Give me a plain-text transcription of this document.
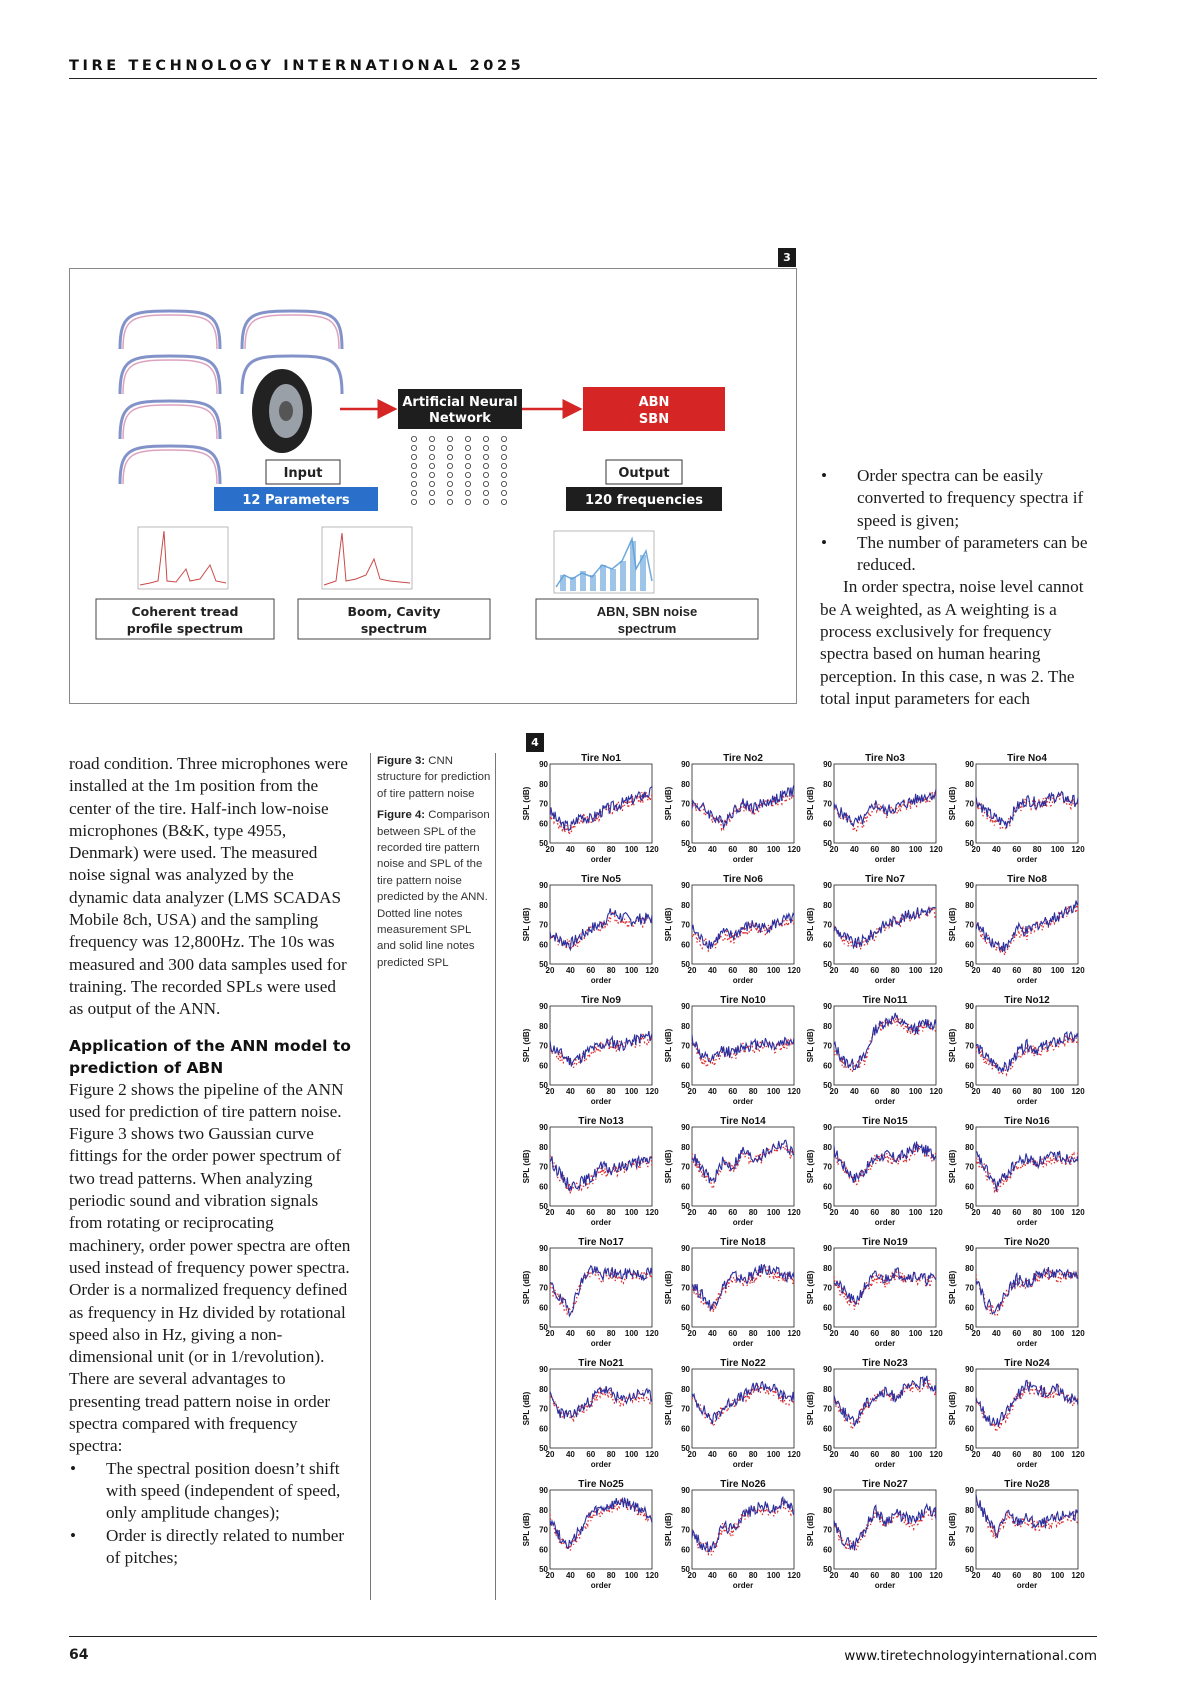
TIRE TECHNOLOGY INTERNATIONAL 2025
3
Input
12 Parameters
Artificial Neural
Network
ABN
SBN
Output
120 frequencies
Coherent tread
profile spectrum
Boom, Cavity
spectrum
ABN, SBN noise
spectrum
• Order spectra can be easily converted to frequency spectra if speed is given;
• The number of parameters can be reduced.

In order spectra, noise level cannot be A weighted, as A weighting is a process exclusively for frequency spectra based on human hearing perception. In this case, n was 2. The total input parameters for each

road condition. Three microphones were installed at the 1m position from the center of the tire. Half-inch low-noise microphones (B&K, type 4955, Denmark) were used. The measured noise signal was analyzed by the dynamic data analyzer (LMS SCADAS Mobile 8ch, USA) and the sampling frequency was 12,800Hz. The 10s was measured and 300 data samples used for training. The recorded SPLs were used as output of the ANN.

Application of the ANN model to prediction of ABN

Figure 2 shows the pipeline of the ANN used for prediction of tire pattern noise. Figure 3 shows two Gaussian curve fittings for the order power spectrum of two tread patterns. When analyzing periodic sound and vibration signals from rotating or reciprocating machinery, order power spectra are often used instead of frequency power spectra. Order is a normalized frequency defined as frequency in Hz divided by rotational speed also in Hz, giving a non-dimensional unit (or in 1/revolution). There are several advantages to presenting tread pattern noise in order spectra compared with frequency spectra:

• The spectral position doesn’t shift with speed (independent of speed, only amplitude changes);
• Order is directly related to number of pitches;

Figure 3: CNN structure for prediction of tire pattern noise

Figure 4: Comparison between SPL of the recorded tire pattern noise and SPL of the tire pattern noise predicted by the ANN. Dotted line notes measurement SPL and solid line notes predicted SPL

4
Tire No1
50
60
70
80
90
20 40 60 80 100 120
order
SPL (dB)
Tire No2
50
60
70
80
90
20 40 60 80 100 120
order
SPL (dB)
Tire No3
50
60
70
80
90
20 40 60 80 100 120
order
SPL (dB)
Tire No4
50
60
70
80
90
20 40 60 80 100 120
order
SPL (dB)
Tire No5
50
60
70
80
90
20 40 60 80 100 120
order
SPL (dB)
Tire No6
50
60
70
80
90
20 40 60 80 100 120
order
SPL (dB)
Tire No7
50
60
70
80
90
20 40 60 80 100 120
order
SPL (dB)
Tire No8
50
60
70
80
90
20 40 60 80 100 120
order
SPL (dB)
Tire No9
50
60
70
80
90
20 40 60 80 100 120
order
SPL (dB)
Tire No10
50
60
70
80
90
20 40 60 80 100 120
order
SPL (dB)
Tire No11
50
60
70
80
90
20 40 60 80 100 120
order
SPL (dB)
Tire No12
50
60
70
80
90
20 40 60 80 100 120
order
SPL (dB)
Tire No13
50
60
70
80
90
20 40 60 80 100 120
order
SPL (dB)
Tire No14
50
60
70
80
90
20 40 60 80 100 120
order
SPL (dB)
Tire No15
50
60
70
80
90
20 40 60 80 100 120
order
SPL (dB)
Tire No16
50
60
70
80
90
20 40 60 80 100 120
order
SPL (dB)
Tire No17
50
60
70
80
90
20 40 60 80 100 120
order
SPL (dB)
Tire No18
50
60
70
80
90
20 40 60 80 100 120
order
SPL (dB)
Tire No19
50
60
70
80
90
20 40 60 80 100 120
order
SPL (dB)
Tire No20
50
60
70
80
90
20 40 60 80 100 120
order
SPL (dB)
Tire No21
50
60
70
80
90
20 40 60 80 100 120
order
SPL (dB)
Tire No22
50
60
70
80
90
20 40 60 80 100 120
order
SPL (dB)
Tire No23
50
60
70
80
90
20 40 60 80 100 120
order
SPL (dB)
Tire No24
50
60
70
80
90
20 40 60 80 100 120
order
SPL (dB)
Tire No25
50
60
70
80
90
20 40 60 80 100 120
order
SPL (dB)
Tire No26
50
60
70
80
90
20 40 60 80 100 120
order
SPL (dB)
Tire No27
50
60
70
80
90
20 40 60 80 100 120
order
SPL (dB)
Tire No28
50
60
70
80
90
20 40 60 80 100 120
order
SPL (dB)
64	www.tiretechnologyinternational.com
